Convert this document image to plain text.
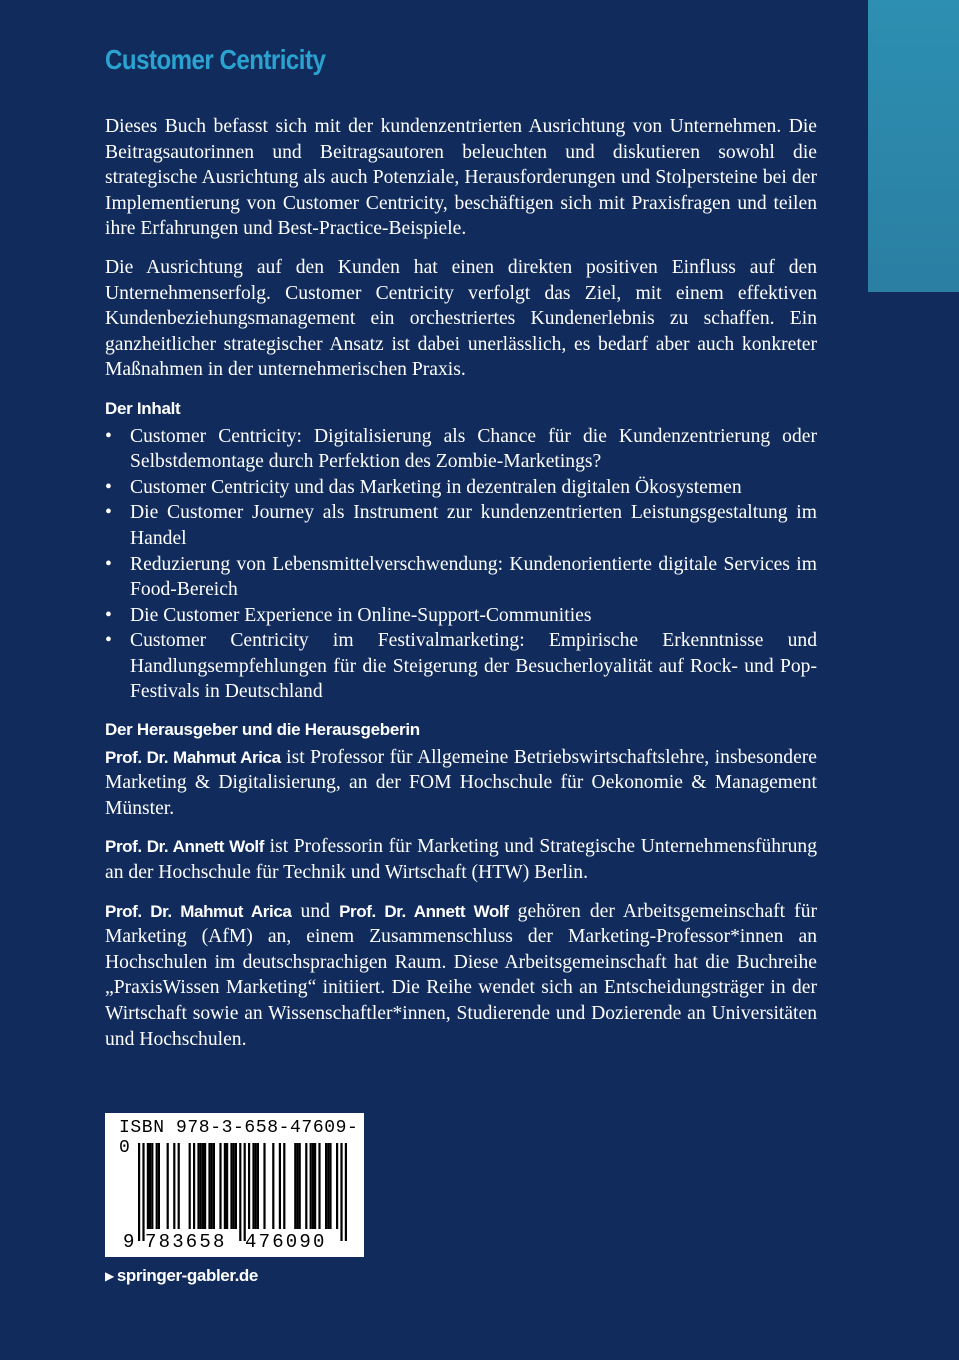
Customer Centricity

Dieses Buch befasst sich mit der kundenzentrierten Ausrichtung von Unternehmen. Die Beitragsautorinnen und Beitragsautoren beleuchten und diskutieren sowohl die strategische Ausrichtung als auch Potenziale, Herausforderungen und Stolpersteine bei der Implementierung von Customer Centricity, beschäftigen sich mit Praxisfragen und teilen ihre Erfahrungen und Best-Practice-Beispiele.

Die Ausrichtung auf den Kunden hat einen direkten positiven Einfluss auf den Unternehmenserfolg. Customer Centricity verfolgt das Ziel, mit einem effektiven Kundenbeziehungsmanagement ein orchestriertes Kundenerlebnis zu schaffen. Ein ganzheitlicher strategischer Ansatz ist dabei unerlässlich, es bedarf aber auch konkreter Maßnahmen in der unternehmerischen Praxis.

Der Inhalt
• Customer Centricity: Digitalisierung als Chance für die Kundenzentrierung oder Selbstdemontage durch Perfektion des Zombie-Marketings?
• Customer Centricity und das Marketing in dezentralen digitalen Ökosystemen
• Die Customer Journey als Instrument zur kundenzentrierten Leistungsgestaltung im Handel
• Reduzierung von Lebensmittelverschwendung: Kundenorientierte digitale Services im Food-Bereich
• Die Customer Experience in Online-Support-Communities
• Customer Centricity im Festivalmarketing: Empirische Erkenntnisse und Handlungsempfehlungen für die Steigerung der Besucherloyalität auf Rock- und Pop-Festivals in Deutschland
Der Herausgeber und die Herausgeberin

Prof. Dr. Mahmut Arica ist Professor für Allgemeine Betriebswirtschaftslehre, insbesondere Marketing & Digitalisierung, an der FOM Hochschule für Oekonomie & Management Münster.

Prof. Dr. Annett Wolf ist Professorin für Marketing und Strategische Unternehmensführung an der Hochschule für Technik und Wirtschaft (HTW) Berlin.

Prof. Dr. Mahmut Arica und Prof. Dr. Annett Wolf gehören der Arbeitsgemeinschaft für Marketing (AfM) an, einem Zusammenschluss der Marketing-Professor*innen an Hochschulen im deutschsprachigen Raum. Diese Arbeitsgemeinschaft hat die Buchreihe „PraxisWissen Marketing“ initiiert. Die Reihe wendet sich an Entscheidungsträger in der Wirtschaft sowie an Wissenschaftler*innen, Studierende und Dozierende an Universitäten und Hochschulen.

ISBN 978-3-658-47609-0
9 783658 476090
▶ springer-gabler.de
